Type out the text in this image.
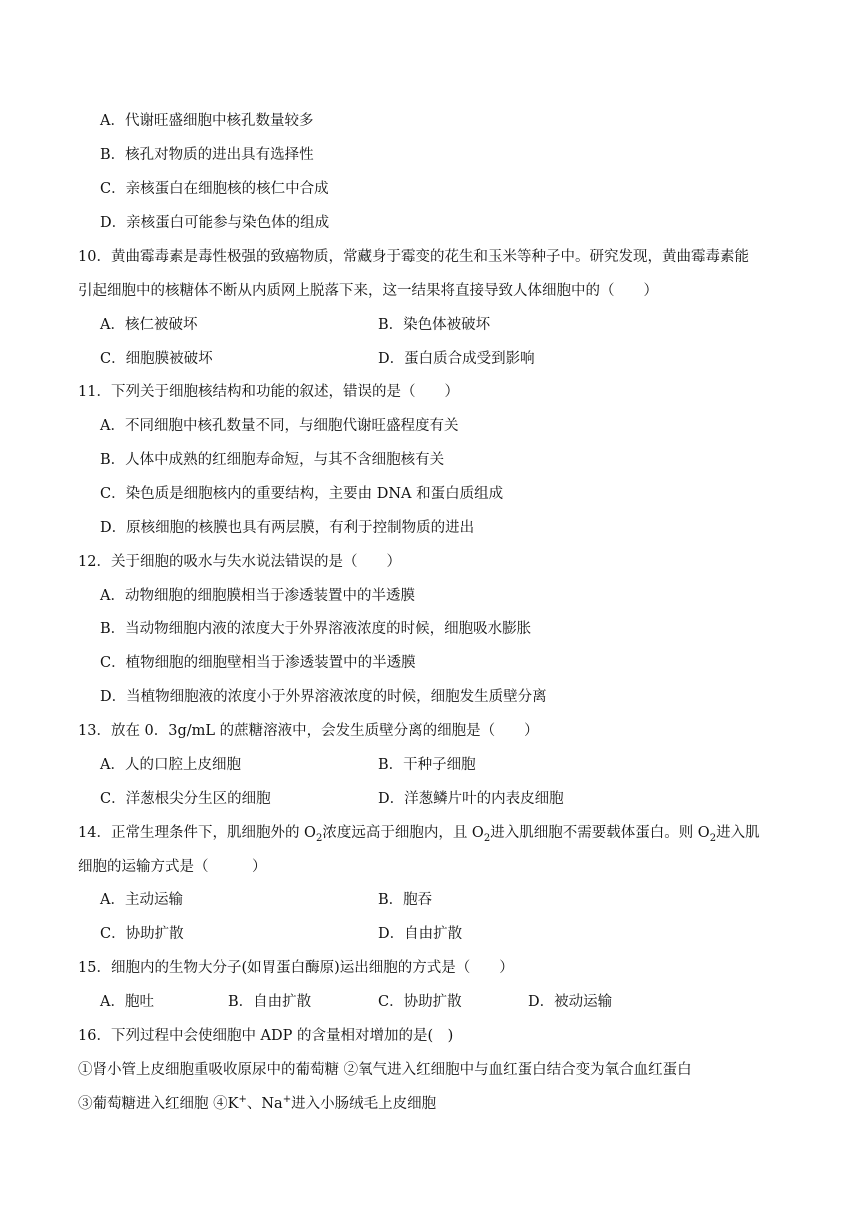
A．代谢旺盛细胞中核孔数量较多
B．核孔对物质的进出具有选择性
C．亲核蛋白在细胞核的核仁中合成
D．亲核蛋白可能参与染色体的组成
10．黄曲霉毒素是毒性极强的致癌物质，常藏身于霉变的花生和玉米等种子中。研究发现，黄曲霉毒素能
引起细胞中的核糖体不断从内质网上脱落下来，这一结果将直接导致人体细胞中的（　　）
A．核仁被破坏	B．染色体被破坏
C．细胞膜被破坏	D．蛋白质合成受到影响
11．下列关于细胞核结构和功能的叙述，错误的是（　　）
A．不同细胞中核孔数量不同，与细胞代谢旺盛程度有关
B．人体中成熟的红细胞寿命短，与其不含细胞核有关
C．染色质是细胞核内的重要结构，主要由 DNA 和蛋白质组成
D．原核细胞的核膜也具有两层膜，有利于控制物质的进出
12．关于细胞的吸水与失水说法错误的是（　　）
A．动物细胞的细胞膜相当于渗透装置中的半透膜
B．当动物细胞内液的浓度大于外界溶液浓度的时候，细胞吸水膨胀
C．植物细胞的细胞壁相当于渗透装置中的半透膜
D．当植物细胞液的浓度小于外界溶液浓度的时候，细胞发生质壁分离
13．放在 0．3g/mL 的蔗糖溶液中，会发生质壁分离的细胞是（　　）
A．人的口腔上皮细胞	B．干种子细胞
C．洋葱根尖分生区的细胞	D．洋葱鳞片叶的内表皮细胞
14．正常生理条件下，肌细胞外的 $O_2$浓度远高于细胞内，且 $O_2$进入肌细胞不需要载体蛋白。则 $O_2$进入肌
细胞的运输方式是（　　　）
A．主动运输	B．胞吞
C．协助扩散	D．自由扩散
15．细胞内的生物大分子(如胃蛋白酶原)运出细胞的方式是（　　）
A．胞吐	B．自由扩散	C．协助扩散	D．被动运输
16．下列过程中会使细胞中 ADP 的含量相对增加的是(　)
①肾小管上皮细胞重吸收原尿中的葡萄糖 ②氧气进入红细胞中与血红蛋白结合变为氧合血红蛋白
③葡萄糖进入红细胞 ④K+、Na+进入小肠绒毛上皮细胞
